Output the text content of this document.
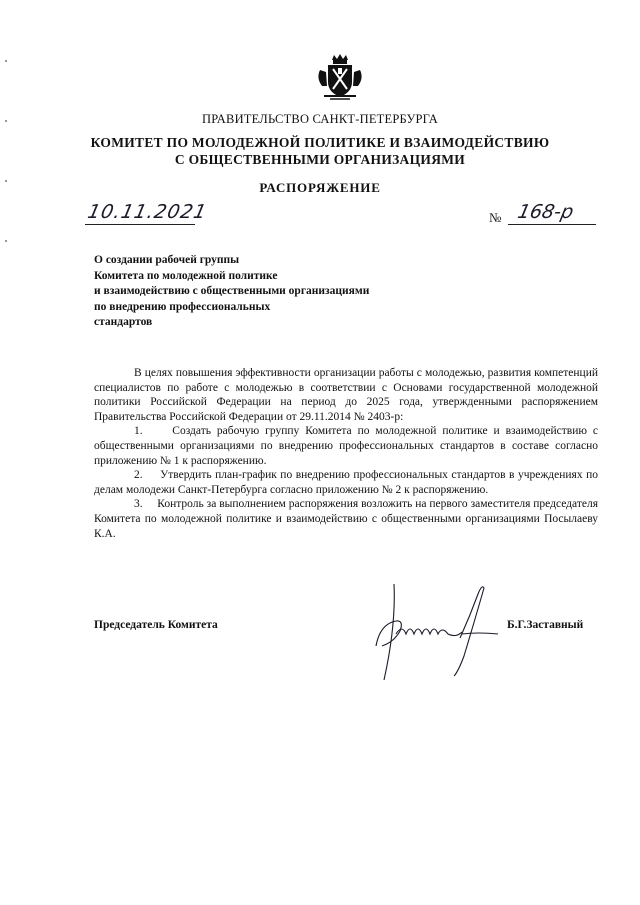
ПРАВИТЕЛЬСТВО САНКТ-ПЕТЕРБУРГА
КОМИТЕТ ПО МОЛОДЕЖНОЙ ПОЛИТИКЕ И ВЗАИМОДЕЙСТВИЮ
С ОБЩЕСТВЕННЫМИ ОРГАНИЗАЦИЯМИ
РАСПОРЯЖЕНИЕ
10.11.2021	№ 168-р
О создании рабочей группы
Комитета по молодежной политике
и взаимодействию с общественными организациями
по внедрению профессиональных
стандартов

В целях повышения эффективности организации работы с молодежью, развития компетенций специалистов по работе с молодежью в соответствии с Основами государственной молодежной политики Российской Федерации на период до 2025 года, утвержденными распоряжением Правительства Российской Федерации от 29.11.2014 № 2403-р:

1.     Создать рабочую группу Комитета по молодежной политике и взаимодействию с общественными организациями по внедрению профессиональных стандартов в составе согласно приложению № 1 к распоряжению.

2.     Утвердить план-график по внедрению профессиональных стандартов в учреждениях по делам молодежи Санкт-Петербурга согласно приложению № 2 к распоряжению.

3.     Контроль за выполнением распоряжения возложить на первого заместителя председателя Комитета по молодежной политике и взаимодействию с общественными организациями Посылаеву К.А.

Председатель Комитета	Б.Г.Заставный
